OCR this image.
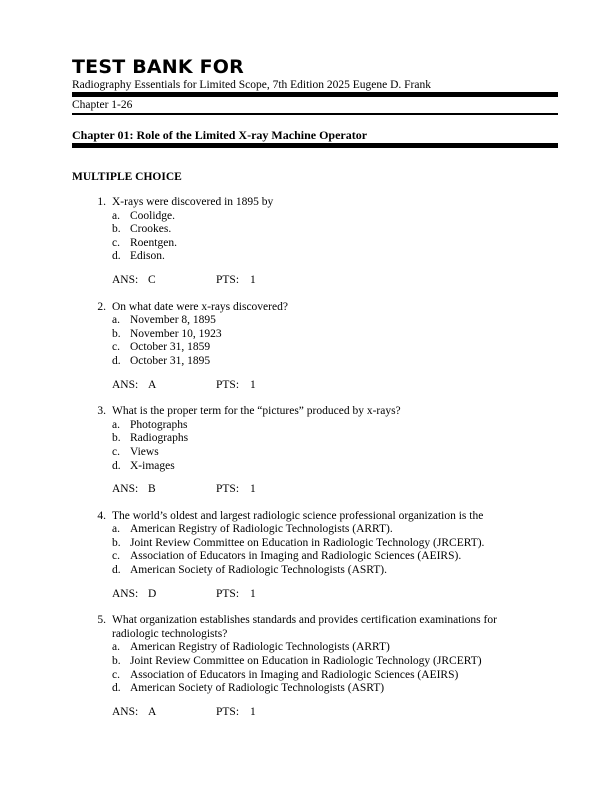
TEST BANK FOR
Radiography Essentials for Limited Scope, 7th Edition 2025 Eugene D. Frank
Chapter 1-26
Chapter 01: Role of the Limited X-ray Machine Operator
MULTIPLE CHOICE
1. X-rays were discovered in 1895 by
a. Coolidge.
b. Crookes.
c. Roentgen.
d. Edison.
ANS: C	PTS: 1
2. On what date were x-rays discovered?
a. November 8, 1895
b. November 10, 1923
c. October 31, 1859
d. October 31, 1895
ANS: A	PTS: 1
3. What is the proper term for the “pictures” produced by x-rays?
a. Photographs
b. Radiographs
c. Views
d. X-images
ANS: B	PTS: 1
4. The world’s oldest and largest radiologic science professional organization is the
a. American Registry of Radiologic Technologists (ARRT).
b. Joint Review Committee on Education in Radiologic Technology (JRCERT).
c. Association of Educators in Imaging and Radiologic Sciences (AEIRS).
d. American Society of Radiologic Technologists (ASRT).
ANS: D	PTS: 1
5. What organization establishes standards and provides certification examinations for radiologic technologists?
a. American Registry of Radiologic Technologists (ARRT)
b. Joint Review Committee on Education in Radiologic Technology (JRCERT)
c. Association of Educators in Imaging and Radiologic Sciences (AEIRS)
d. American Society of Radiologic Technologists (ASRT)
ANS: A	PTS: 1
